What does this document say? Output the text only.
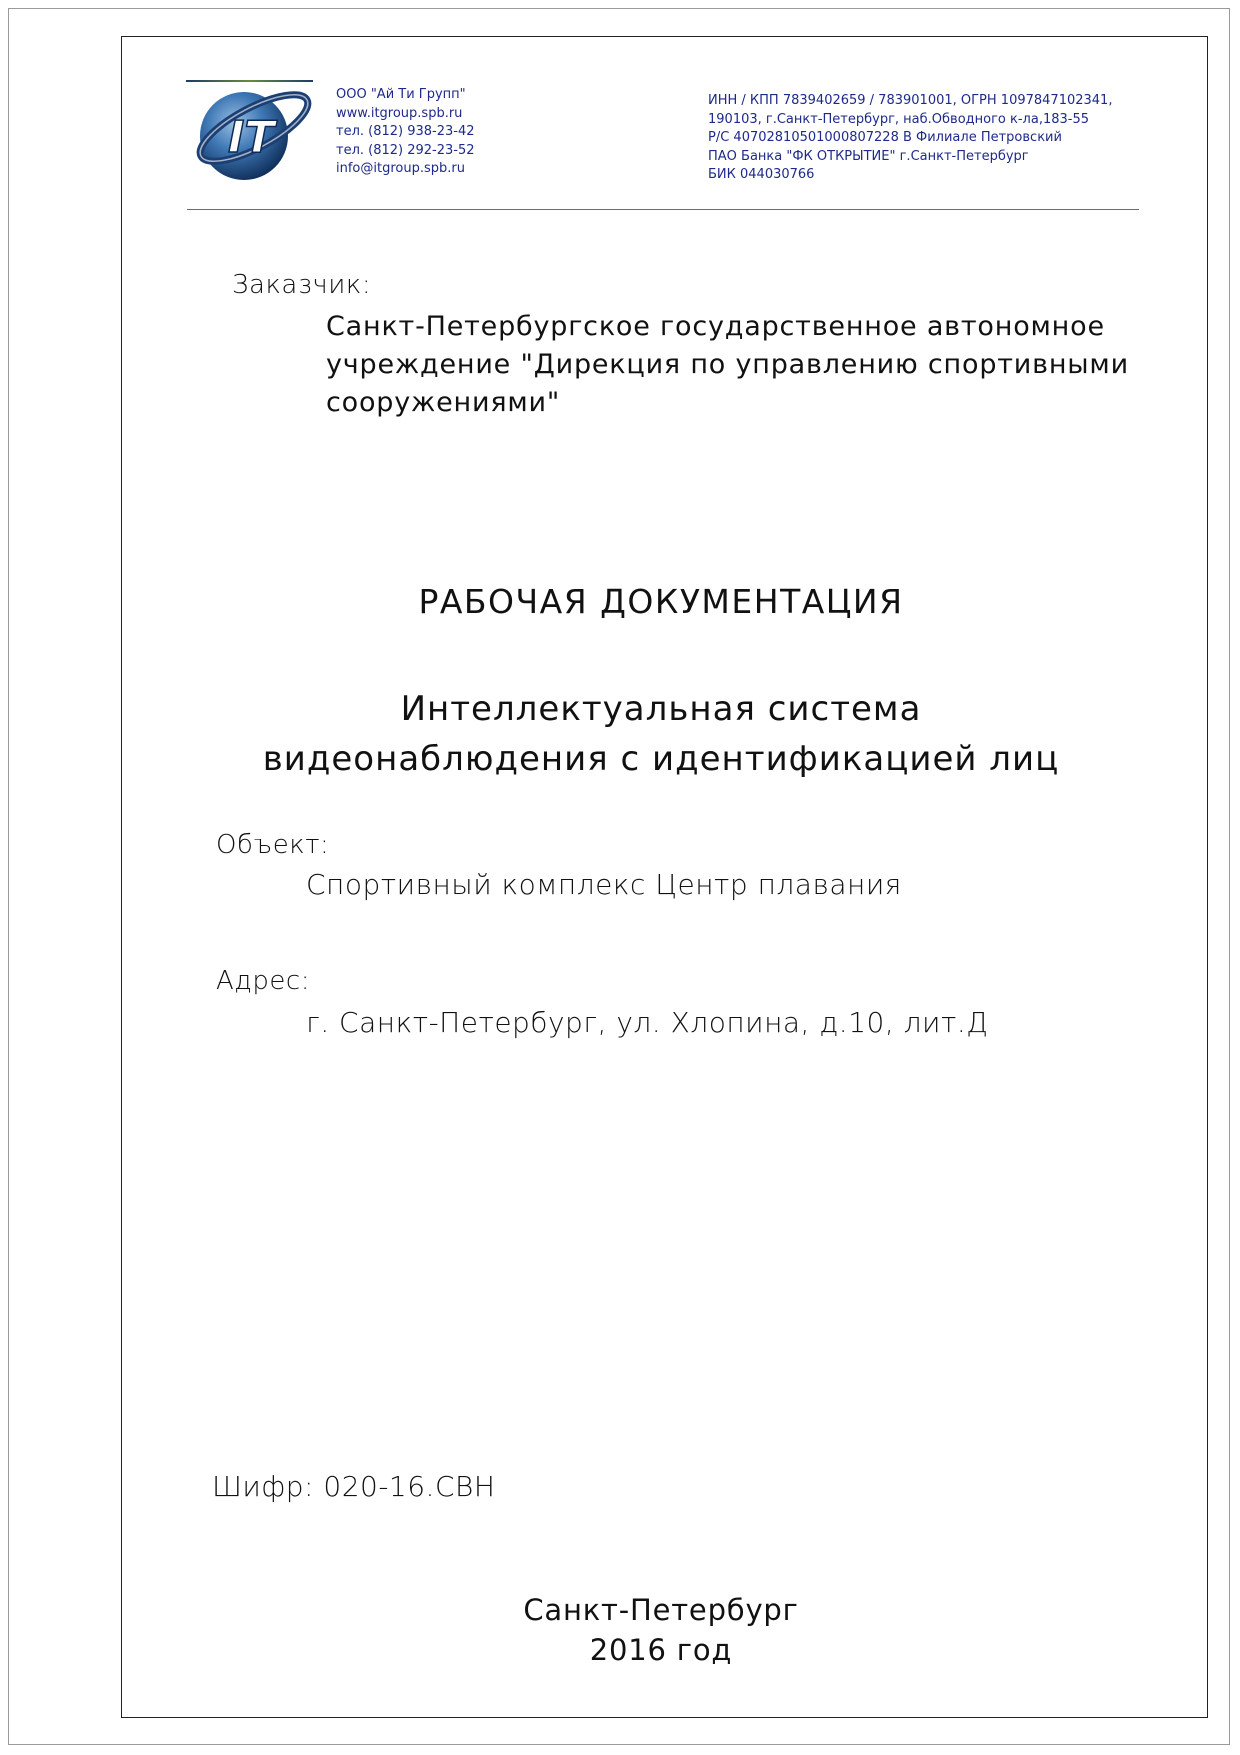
IT
ООО "Ай Ти Групп"
www.itgroup.spb.ru
тел. (812) 938-23-42
тел. (812) 292-23-52
info@itgroup.spb.ru
ИНН / КПП 7839402659 / 783901001, ОГРН 1097847102341,
190103, г.Санкт-Петербург, наб.Обводного к-ла,183-55
Р/С 40702810501000807228 В Филиале Петровский
ПАО Банка "ФК ОТКРЫТИЕ" г.Санкт-Петербург
БИК 044030766
Заказчик:
Санкт-Петербургское государственное автономное
учреждение "Дирекция по управлению спортивными
сооружениями"
РАБОЧАЯ ДОКУМЕНТАЦИЯ
Интеллектуальная система
видеонаблюдения с идентификацией лиц
Объект:
Спортивный комплекс Центр плавания
Адрес:
г. Санкт-Петербург, ул. Хлопина, д.10, лит.Д
Шифр: 020-16.СВН
Санкт-Петербург
2016 год
